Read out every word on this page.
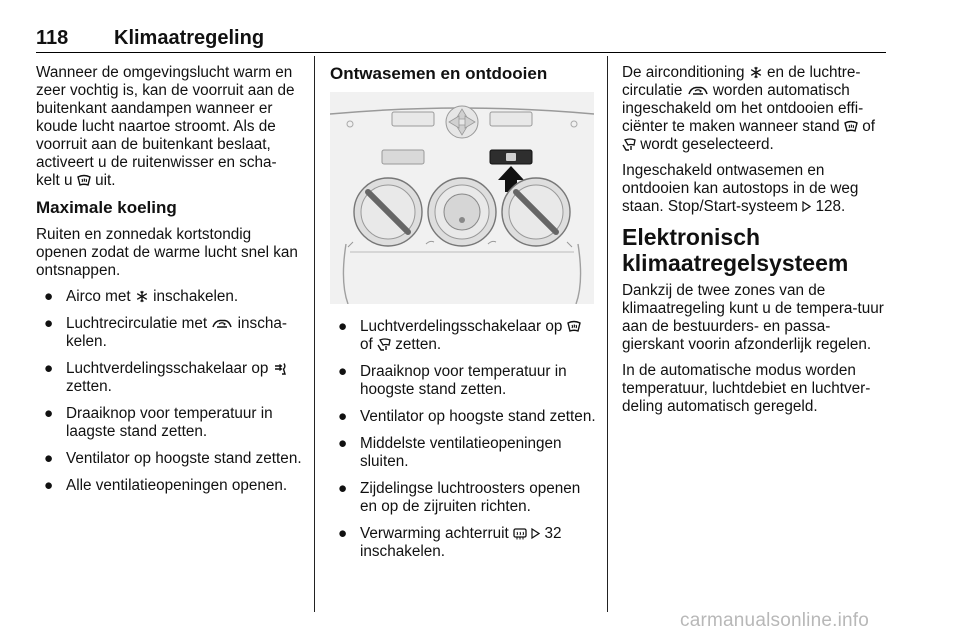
118 Klimaatregeling

Wanneer de omgevingslucht warm en zeer vochtig is, kan de voorruit aan de buitenkant aandampen wanneer er koude lucht naartoe stroomt. Als de voorruit aan de buitenkant beslaat, activeert u de ruitenwisser en scha- kelt u uit.

Maximale koeling

Ruiten en zonnedak kortstondig openen zodat de warme lucht snel kan ontsnappen.

● Airco met inschakelen.
● Luchtrecirculatie met inscha-kelen.
● Luchtverdelingsschakelaar op  zetten.
● Draaiknop voor temperatuur in laagste stand zetten.
● Ventilator op hoogste stand zetten.
● Alle ventilatieopeningen openen.
Ontwasemen en ontdooien
● Luchtverdelingsschakelaar op  of zetten.
● Draaiknop voor temperatuur in hoogste stand zetten.
● Ventilator op hoogste stand zetten.
● Middelste ventilatieopeningen sluiten.
● Zijdelingse luchtroosters openen en op de zijruiten richten.
● Verwarming achterruit 32 inschakelen.

De airconditioning en de luchtre-circulatie worden automatisch ingeschakeld om het ontdooien effi-ciënter te maken wanneer stand of  wordt geselecteerd.

Ingeschakeld ontwasemen en ontdooien kan autostops in de weg staan. Stop/Start-systeem 128.

Elektronisch klimaatregelsysteem

Dankzij de twee zones van de klimaatregeling kunt u de tempera-tuur aan de bestuurders- en passa-gierskant voorin afzonderlijk regelen.

In de automatische modus worden temperatuur, luchtdebiet en luchtver-deling automatisch geregeld.

carmanualsonline.info
